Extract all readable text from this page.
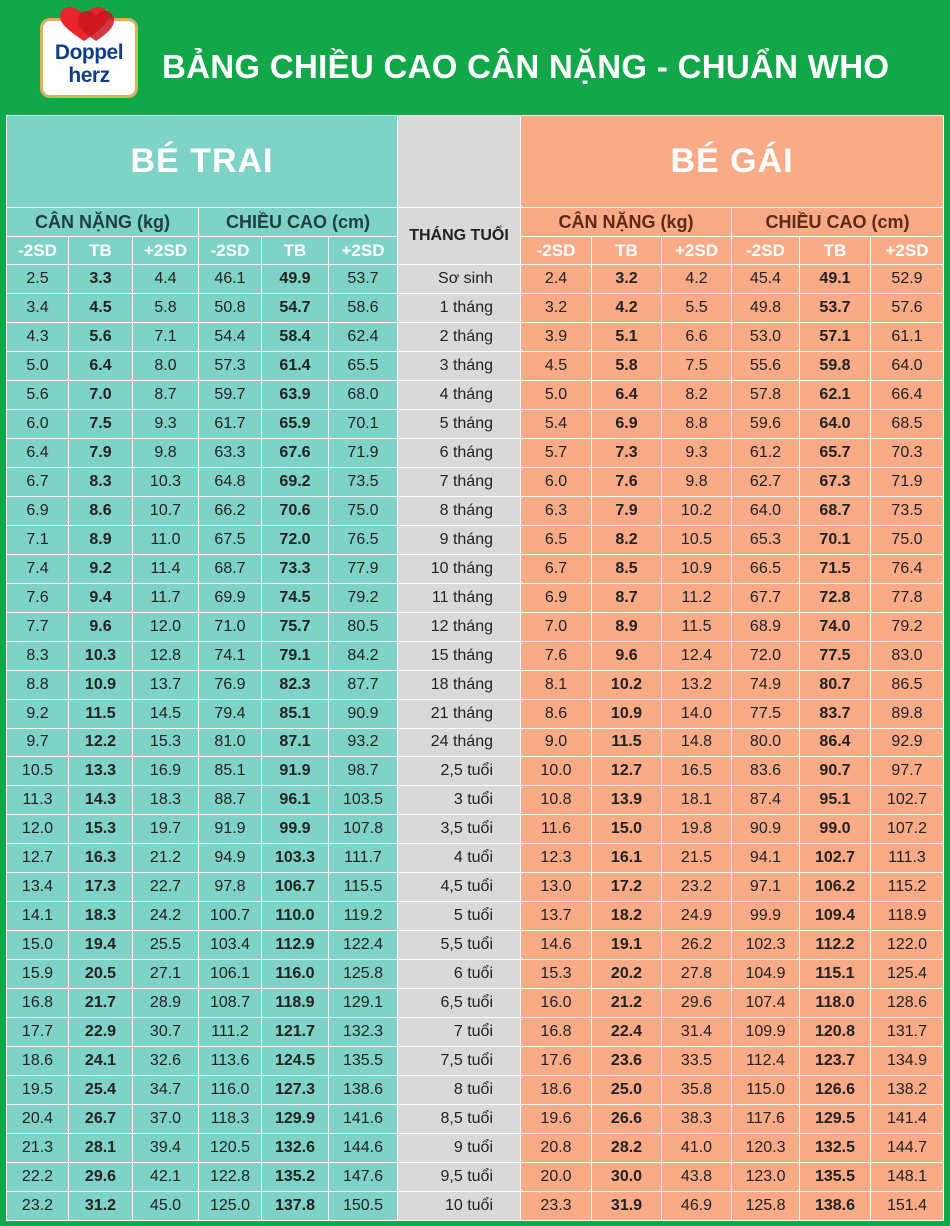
Doppel
herz	BẢNG CHIỀU CAO CÂN NẶNG - CHUẨN WHO
BÉ TRAI							BÉ GÁI					
CÂN NẶNG (kg)			CHIỀU CAO (cm)			THÁNG TUỔI	CÂN NẶNG (kg)			CHIỀU CAO (cm)		
-2SD	TB	+2SD	-2SD	TB	+2SD		-2SD	TB	+2SD	-2SD	TB	+2SD
2.5	3.3	4.4	46.1	49.9	53.7	Sơ sinh	2.4	3.2	4.2	45.4	49.1	52.9
3.4	4.5	5.8	50.8	54.7	58.6	1 tháng	3.2	4.2	5.5	49.8	53.7	57.6
4.3	5.6	7.1	54.4	58.4	62.4	2 tháng	3.9	5.1	6.6	53.0	57.1	61.1
5.0	6.4	8.0	57.3	61.4	65.5	3 tháng	4.5	5.8	7.5	55.6	59.8	64.0
5.6	7.0	8.7	59.7	63.9	68.0	4 tháng	5.0	6.4	8.2	57.8	62.1	66.4
6.0	7.5	9.3	61.7	65.9	70.1	5 tháng	5.4	6.9	8.8	59.6	64.0	68.5
6.4	7.9	9.8	63.3	67.6	71.9	6 tháng	5.7	7.3	9.3	61.2	65.7	70.3
6.7	8.3	10.3	64.8	69.2	73.5	7 tháng	6.0	7.6	9.8	62.7	67.3	71.9
6.9	8.6	10.7	66.2	70.6	75.0	8 tháng	6.3	7.9	10.2	64.0	68.7	73.5
7.1	8.9	11.0	67.5	72.0	76.5	9 tháng	6.5	8.2	10.5	65.3	70.1	75.0
7.4	9.2	11.4	68.7	73.3	77.9	10 tháng	6.7	8.5	10.9	66.5	71.5	76.4
7.6	9.4	11.7	69.9	74.5	79.2	11 tháng	6.9	8.7	11.2	67.7	72.8	77.8
7.7	9.6	12.0	71.0	75.7	80.5	12 tháng	7.0	8.9	11.5	68.9	74.0	79.2
8.3	10.3	12.8	74.1	79.1	84.2	15 tháng	7.6	9.6	12.4	72.0	77.5	83.0
8.8	10.9	13.7	76.9	82.3	87.7	18 tháng	8.1	10.2	13.2	74.9	80.7	86.5
9.2	11.5	14.5	79.4	85.1	90.9	21 tháng	8.6	10.9	14.0	77.5	83.7	89.8
9.7	12.2	15.3	81.0	87.1	93.2	24 tháng	9.0	11.5	14.8	80.0	86.4	92.9
10.5	13.3	16.9	85.1	91.9	98.7	2,5 tuổi	10.0	12.7	16.5	83.6	90.7	97.7
11.3	14.3	18.3	88.7	96.1	103.5	3 tuổi	10.8	13.9	18.1	87.4	95.1	102.7
12.0	15.3	19.7	91.9	99.9	107.8	3,5 tuổi	11.6	15.0	19.8	90.9	99.0	107.2
12.7	16.3	21.2	94.9	103.3	111.7	4 tuổi	12.3	16.1	21.5	94.1	102.7	111.3
13.4	17.3	22.7	97.8	106.7	115.5	4,5 tuổi	13.0	17.2	23.2	97.1	106.2	115.2
14.1	18.3	24.2	100.7	110.0	119.2	5 tuổi	13.7	18.2	24.9	99.9	109.4	118.9
15.0	19.4	25.5	103.4	112.9	122.4	5,5 tuổi	14.6	19.1	26.2	102.3	112.2	122.0
15.9	20.5	27.1	106.1	116.0	125.8	6 tuổi	15.3	20.2	27.8	104.9	115.1	125.4
16.8	21.7	28.9	108.7	118.9	129.1	6,5 tuổi	16.0	21.2	29.6	107.4	118.0	128.6
17.7	22.9	30.7	111.2	121.7	132.3	7 tuổi	16.8	22.4	31.4	109.9	120.8	131.7
18.6	24.1	32.6	113.6	124.5	135.5	7,5 tuổi	17.6	23.6	33.5	112.4	123.7	134.9
19.5	25.4	34.7	116.0	127.3	138.6	8 tuổi	18.6	25.0	35.8	115.0	126.6	138.2
20.4	26.7	37.0	118.3	129.9	141.6	8,5 tuổi	19.6	26.6	38.3	117.6	129.5	141.4
21.3	28.1	39.4	120.5	132.6	144.6	9 tuổi	20.8	28.2	41.0	120.3	132.5	144.7
22.2	29.6	42.1	122.8	135.2	147.6	9,5 tuổi	20.0	30.0	43.8	123.0	135.5	148.1
23.2	31.2	45.0	125.0	137.8	150.5	10 tuổi	23.3	31.9	46.9	125.8	138.6	151.4
